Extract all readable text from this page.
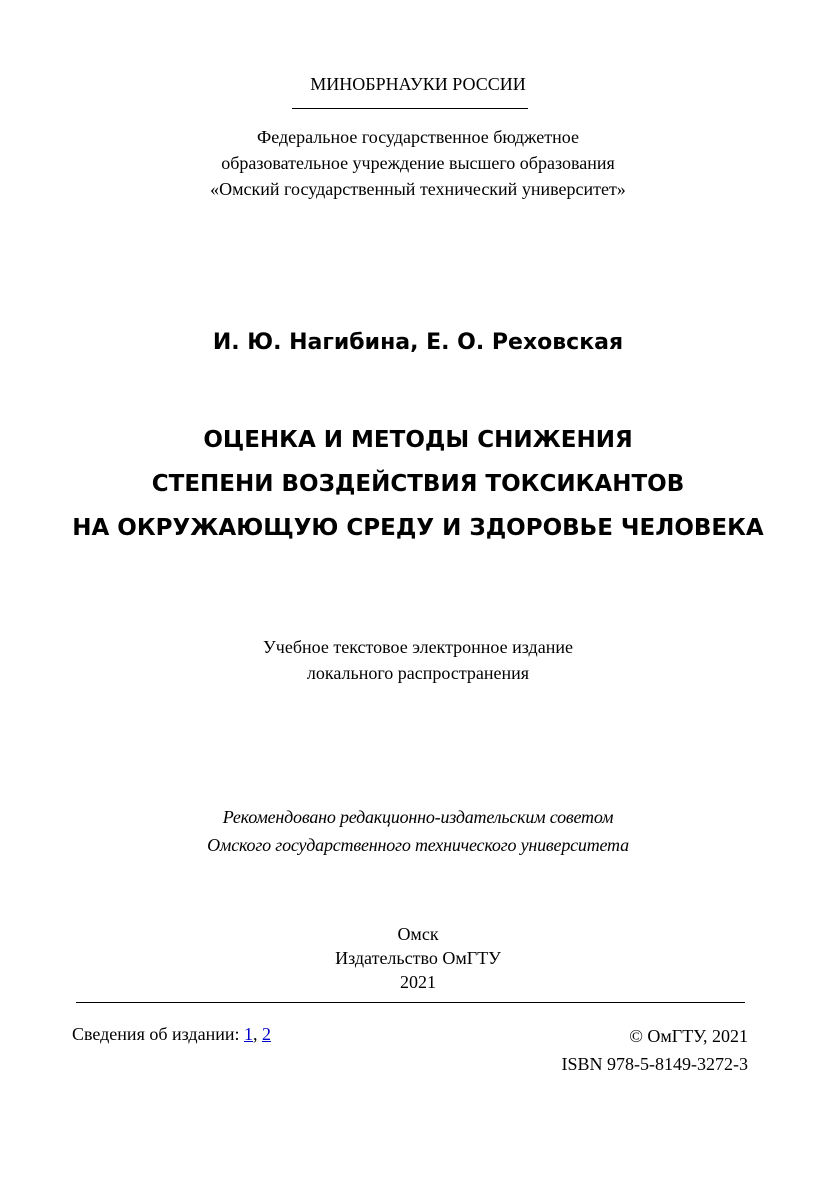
МИНОБРНАУКИ РОССИИ
Федеральное государственное бюджетное
образовательное учреждение высшего образования
«Омский государственный технический университет»
И. Ю. Нагибина, Е. О. Реховская
ОЦЕНКА И МЕТОДЫ СНИЖЕНИЯ
СТЕПЕНИ ВОЗДЕЙСТВИЯ ТОКСИКАНТОВ
НА ОКРУЖАЮЩУЮ СРЕДУ И ЗДОРОВЬЕ ЧЕЛОВЕКА
Учебное текстовое электронное издание
локального распространения
Рекомендовано редакционно-издательским советом
Омского государственного технического университета
Омск
Издательство ОмГТУ
2021
Сведения об издании: 1, 2	© ОмГТУ, 2021
ISBN 978-5-8149-3272-3
